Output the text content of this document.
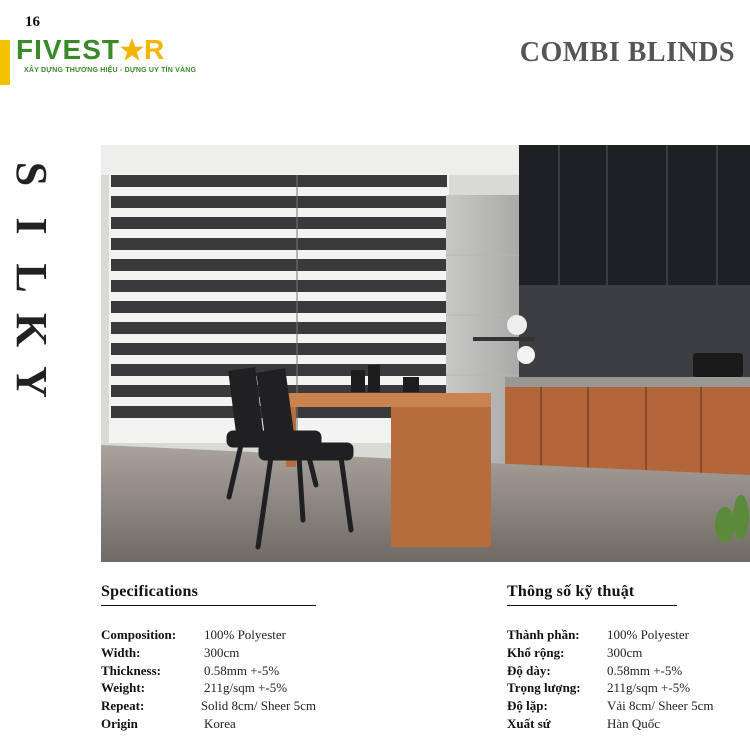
16
FIVEST R
XÂY DỰNG THƯƠNG HIỆU - DỰNG UY TÍN VÀNG
COMBI BLINDS
S
I
L
K
Y
Specifications
Composition:	100% Polyester
Width:	300cm
Thickness:	0.58mm +-5%
Weight:	211g/sqm +-5%
Repeat:	Solid 8cm/ Sheer 5cm
Origin	Korea
Thông số kỹ thuật
Thành phần:	100% Polyester
Khổ rộng:	300cm
Độ dày:	0.58mm +-5%
Trọng lượng:	211g/sqm +-5%
Độ lặp:	Vải 8cm/ Sheer 5cm
Xuất sứ	Hàn Quốc
